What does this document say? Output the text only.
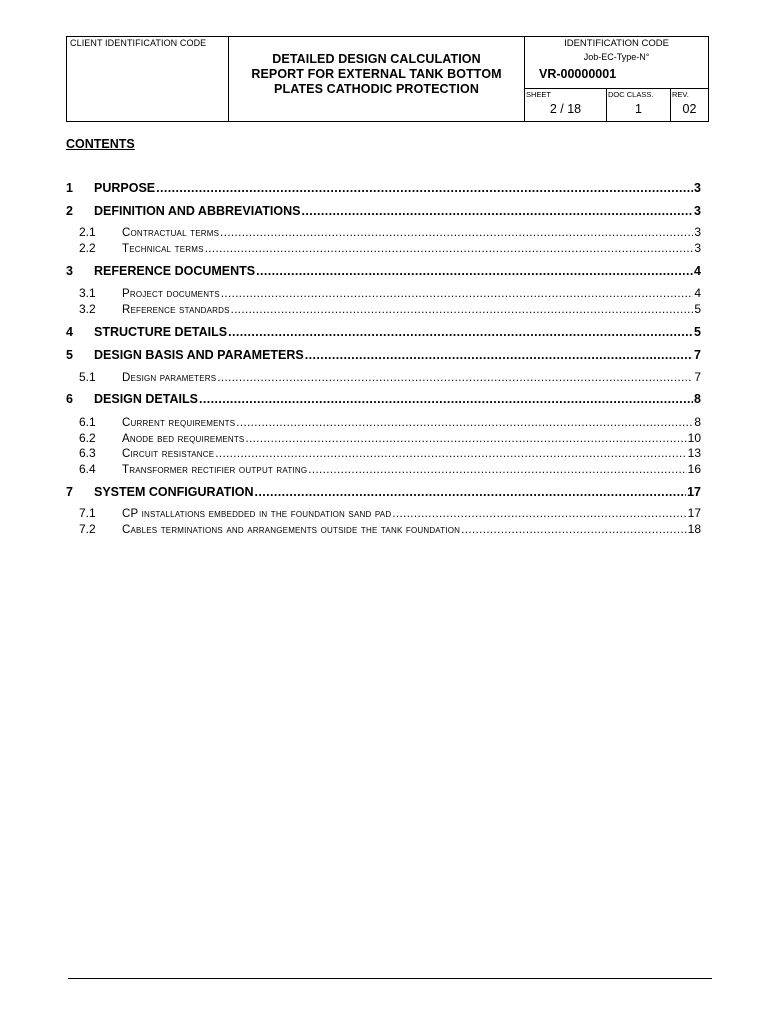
CLIENT IDENTIFICATION CODE
DETAILED DESIGN CALCULATION
REPORT FOR EXTERNAL TANK BOTTOM
PLATES CATHODIC PROTECTION
IDENTIFICATION CODE
Job-EC-Type-N°
VR-00000001
SHEET
2 / 18
DOC CLASS.
1
REV.
02
CONTENTS
1 PURPOSE .....	3
2 DEFINITION AND ABBREVIATIONS .....	3
2.1 Contractual terms .....	3
2.2 Technical terms .....	3
3 REFERENCE DOCUMENTS .....	4
3.1 Project documents .....	4
3.2 Reference standards .....	5
4 STRUCTURE DETAILS .....	5
5 DESIGN BASIS AND PARAMETERS .....	7
5.1 Design parameters .....	7
6 DESIGN DETAILS .....	8
6.1 Current requirements .....	8
6.2 Anode bed requirements .....	10
6.3 Circuit resistance .....	13
6.4 Transformer rectifier output rating .....	16
7 SYSTEM CONFIGURATION .....	17
7.1 CP installations embedded in the foundation sand pad .....	17
7.2 Cables terminations and arrangements outside the tank foundation .....	18
